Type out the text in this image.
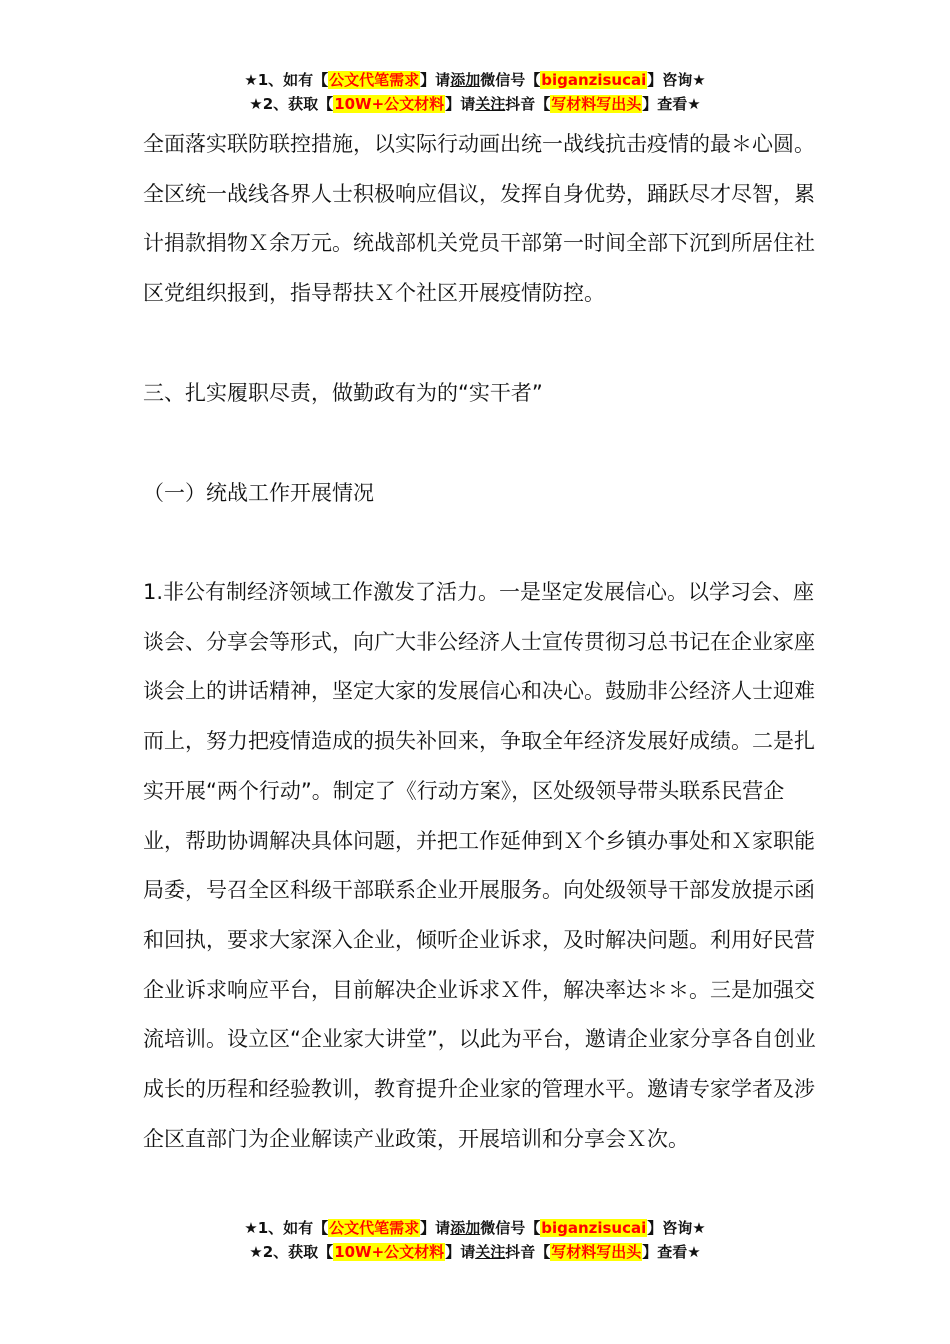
★1、如有【公文代笔需求】请添加微信号【biganzisucai】咨询★
★2、获取【10W+公文材料】请关注抖音【写材料写出头】查看★

全面落实联防联控措施，以实际行动画出统一战线抗击疫情的最＊心圆。全区统一战线各界人士积极响应倡议，发挥自身优势，踊跃尽才尽智，累计捐款捐物Ｘ余万元。统战部机关党员干部第一时间全部下沉到所居住社区党组织报到，指导帮扶Ｘ个社区开展疫情防控。

三、扎实履职尽责，做勤政有为的“实干者”
（一）统战工作开展情况

1.非公有制经济领域工作激发了活力。一是坚定发展信心。以学习会、座谈会、分享会等形式，向广大非公经济人士宣传贯彻习总书记在企业家座谈会上的讲话精神，坚定大家的发展信心和决心。鼓励非公经济人士迎难而上，努力把疫情造成的损失补回来，争取全年经济发展好成绩。二是扎实开展“两个行动”。制定了《行动方案》，区处级领导带头联系民营企业，帮助协调解决具体问题，并把工作延伸到Ｘ个乡镇办事处和Ｘ家职能局委，号召全区科级干部联系企业开展服务。向处级领导干部发放提示函和回执，要求大家深入企业，倾听企业诉求，及时解决问题。利用好民营企业诉求响应平台，目前解决企业诉求Ｘ件，解决率达＊＊。三是加强交流培训。设立区“企业家大讲堂”，以此为平台，邀请企业家分享各自创业成长的历程和经验教训，教育提升企业家的管理水平。邀请专家学者及涉企区直部门为企业解读产业政策，开展培训和分享会Ｘ次。

★1、如有【公文代笔需求】请添加微信号【biganzisucai】咨询★
★2、获取【10W+公文材料】请关注抖音【写材料写出头】查看★
